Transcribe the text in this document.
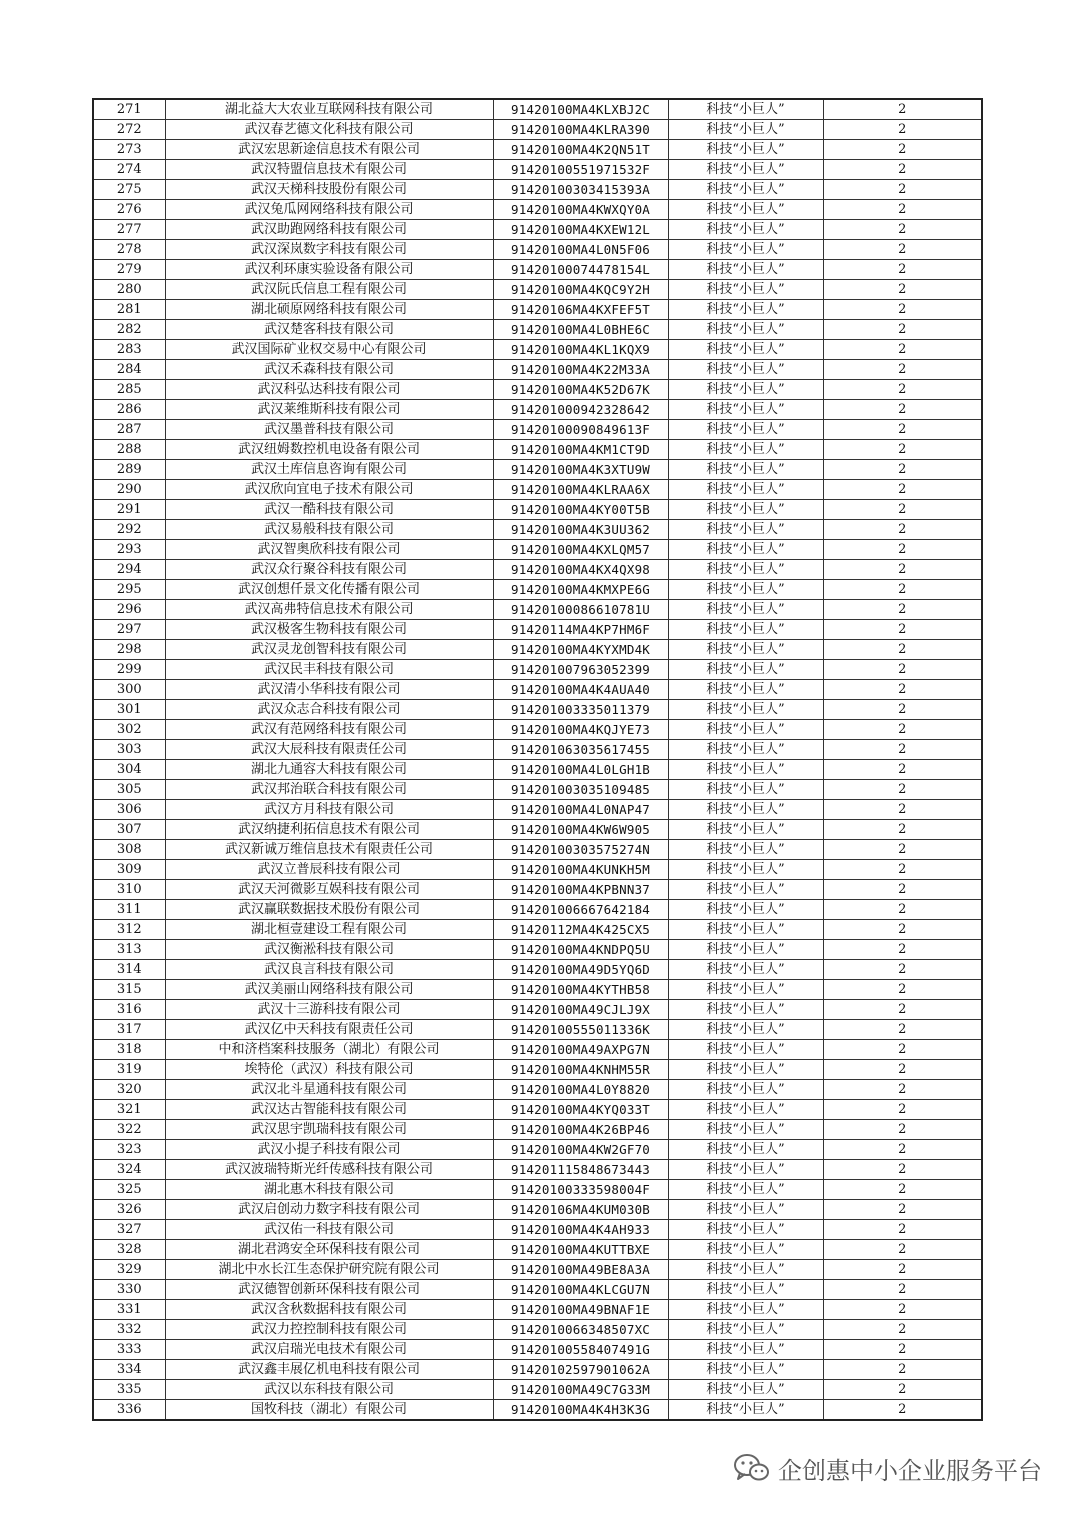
271	湖北益大大农业互联网科技有限公司	91420100MA4KLXBJ2C	科技“小巨人”	2
272	武汉春艺德文化科技有限公司	91420100MA4KLRA390	科技“小巨人”	2
273	武汉宏思新途信息技术有限公司	91420100MA4K2QN51T	科技“小巨人”	2
274	武汉特盟信息技术有限公司	91420100551971532F	科技“小巨人”	2
275	武汉天梯科技股份有限公司	91420100303415393A	科技“小巨人”	2
276	武汉兔瓜网网络科技有限公司	91420100MA4KWXQY0A	科技“小巨人”	2
277	武汉助跑网络科技有限公司	91420100MA4KXEW12L	科技“小巨人”	2
278	武汉深岚数字科技有限公司	91420100MA4L0N5F06	科技“小巨人”	2
279	武汉利环康实验设备有限公司	91420100074478154L	科技“小巨人”	2
280	武汉阮氏信息工程有限公司	91420100MA4KQC9Y2H	科技“小巨人”	2
281	湖北硕原网络科技有限公司	91420106MA4KXFEF5T	科技“小巨人”	2
282	武汉楚客科技有限公司	91420100MA4L0BHE6C	科技“小巨人”	2
283	武汉国际矿业权交易中心有限公司	91420100MA4KL1KQX9	科技“小巨人”	2
284	武汉禾森科技有限公司	91420100MA4K22M33A	科技“小巨人”	2
285	武汉科弘达科技有限公司	91420100MA4K52D67K	科技“小巨人”	2
286	武汉莱维斯科技有限公司	914201000942328642	科技“小巨人”	2
287	武汉墨普科技有限公司	91420100090849613F	科技“小巨人”	2
288	武汉纽姆数控机电设备有限公司	91420100MA4KM1CT9D	科技“小巨人”	2
289	武汉土库信息咨询有限公司	91420100MA4K3XTU9W	科技“小巨人”	2
290	武汉欣向宜电子技术有限公司	91420100MA4KLRAA6X	科技“小巨人”	2
291	武汉一酷科技有限公司	91420100MA4KY00T5B	科技“小巨人”	2
292	武汉易般科技有限公司	91420100MA4K3UU362	科技“小巨人”	2
293	武汉智奥欣科技有限公司	91420100MA4KXLQM57	科技“小巨人”	2
294	武汉众行聚谷科技有限公司	91420100MA4KX4QX98	科技“小巨人”	2
295	武汉创想仟景文化传播有限公司	91420100MA4KMXPE6G	科技“小巨人”	2
296	武汉高弗特信息技术有限公司	91420100086610781U	科技“小巨人”	2
297	武汉极客生物科技有限公司	91420114MA4KP7HM6F	科技“小巨人”	2
298	武汉灵龙创智科技有限公司	91420100MA4KYXMD4K	科技“小巨人”	2
299	武汉民丰科技有限公司	914201007963052399	科技“小巨人”	2
300	武汉清小华科技有限公司	91420100MA4K4AUA40	科技“小巨人”	2
301	武汉众志合科技有限公司	914201003335011379	科技“小巨人”	2
302	武汉有范网络科技有限公司	91420100MA4KQJYE73	科技“小巨人”	2
303	武汉大辰科技有限责任公司	914201063035617455	科技“小巨人”	2
304	湖北九通容大科技有限公司	91420100MA4L0LGH1B	科技“小巨人”	2
305	武汉邦治联合科技有限公司	914201003035109485	科技“小巨人”	2
306	武汉方月科技有限公司	91420100MA4L0NAP47	科技“小巨人”	2
307	武汉纳捷利拓信息技术有限公司	91420100MA4KW6W905	科技“小巨人”	2
308	武汉新诚万维信息技术有限责任公司	91420100303575274N	科技“小巨人”	2
309	武汉立普辰科技有限公司	91420100MA4KUNKH5M	科技“小巨人”	2
310	武汉天河微影互娱科技有限公司	91420100MA4KPBNN37	科技“小巨人”	2
311	武汉赢联数据技术股份有限公司	914201006667642184	科技“小巨人”	2
312	湖北桓壹建设工程有限公司	91420112MA4K425CX5	科技“小巨人”	2
313	武汉衡淞科技有限公司	91420100MA4KNDPQ5U	科技“小巨人”	2
314	武汉良言科技有限公司	91420100MA49D5YQ6D	科技“小巨人”	2
315	武汉美丽山网络科技有限公司	91420100MA4KYTHB58	科技“小巨人”	2
316	武汉十三游科技有限公司	91420100MA49CJLJ9X	科技“小巨人”	2
317	武汉亿中天科技有限责任公司	91420100555011336K	科技“小巨人”	2
318	中和济档案科技服务（湖北）有限公司	91420100MA49AXPG7N	科技“小巨人”	2
319	埃特伦（武汉）科技有限公司	91420100MA4KNHM55R	科技“小巨人”	2
320	武汉北斗星通科技有限公司	91420100MA4L0Y8820	科技“小巨人”	2
321	武汉达古智能科技有限公司	91420100MA4KYQ033T	科技“小巨人”	2
322	武汉思宇凯瑞科技有限公司	91420100MA4K26BP46	科技“小巨人”	2
323	武汉小提子科技有限公司	91420100MA4KW2GF70	科技“小巨人”	2
324	武汉波瑞特斯光纤传感科技有限公司	914201115848673443	科技“小巨人”	2
325	湖北惠木科技有限公司	91420100333598004F	科技“小巨人”	2
326	武汉启创动力数字科技有限公司	91420106MA4KUM030B	科技“小巨人”	2
327	武汉佑一科技有限公司	91420100MA4K4AH933	科技“小巨人”	2
328	湖北君鸿安全环保科技有限公司	91420100MA4KUTTBXE	科技“小巨人”	2
329	湖北中水长江生态保护研究院有限公司	91420100MA49BE8A3A	科技“小巨人”	2
330	武汉德智创新环保科技有限公司	91420100MA4KLCGU7N	科技“小巨人”	2
331	武汉含秋数据科技有限公司	91420100MA49BNAF1E	科技“小巨人”	2
332	武汉力控控制科技有限公司	9142010066348507XC	科技“小巨人”	2
333	武汉启瑞光电技术有限公司	91420100558407491G	科技“小巨人”	2
334	武汉鑫丰展亿机电科技有限公司	91420102597901062A	科技“小巨人”	2
335	武汉以东科技有限公司	91420100MA49C7G33M	科技“小巨人”	2
336	国牧科技（湖北）有限公司	91420100MA4K4H3K3G	科技“小巨人”	2
企创惠中小企业服务平台
